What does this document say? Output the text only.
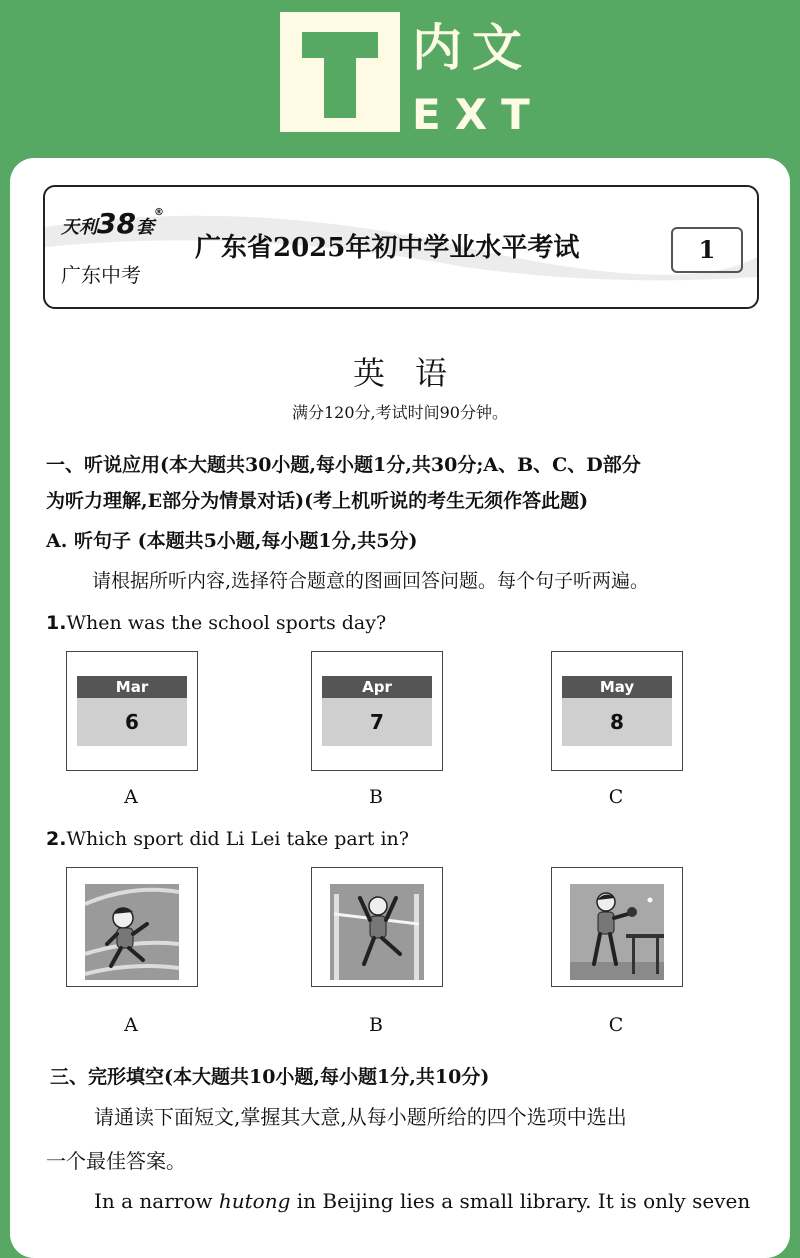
内文
EXT
天利38套®
广东中考
广东省2025年初中学业水平考试	1
英语
满分120分,考试时间90分钟。
一、听说应用(本大题共30小题,每小题1分,共30分;A、B、C、D部分
为听力理解,E部分为情景对话)(考上机听说的考生无须作答此题)
A. 听句子 (本题共5小题,每小题1分,共5分)
请根据所听内容,选择符合题意的图画回答问题。每个句子听两遍。
1.When was the school sports day?
Mar
6
Apr
7
May
8
A	B	C
2.Which sport did Li Lei take part in?
A	B	C
三、完形填空(本大题共10小题,每小题1分,共10分)
请通读下面短文,掌握其大意,从每小题所给的四个选项中选出
一个最佳答案。
In a narrow hutong in Beijing lies a small library. It is only seven
